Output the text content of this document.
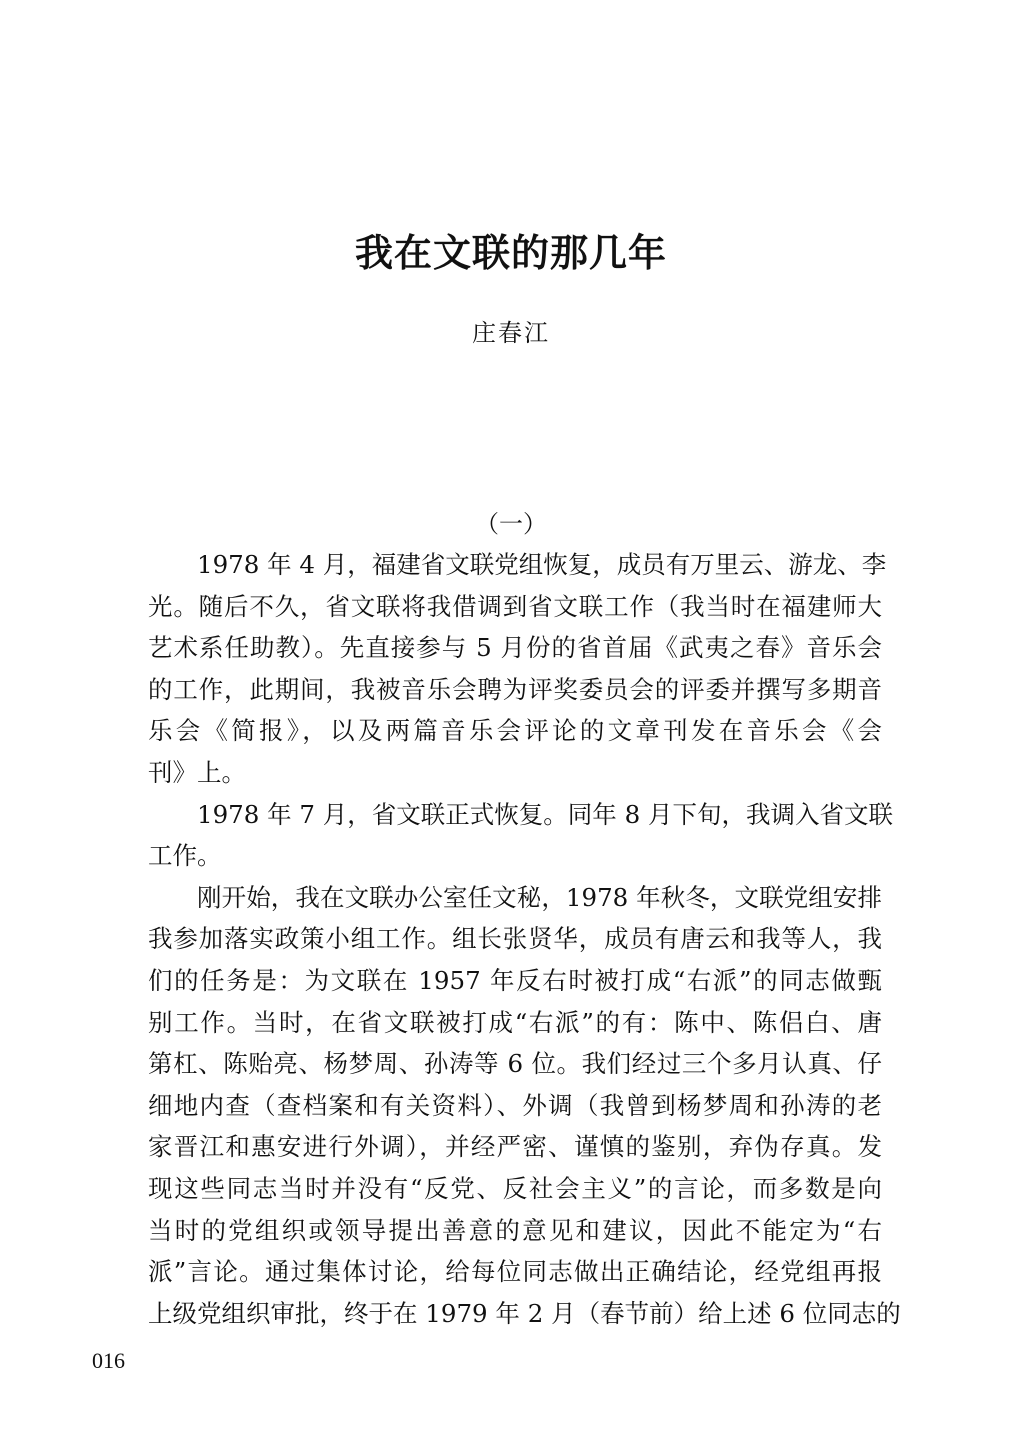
我在文联的那几年
庄春江
（一）
1978 年 4 月，福建省文联党组恢复，成员有万里云、游龙、李
光。随后不久，省文联将我借调到省文联工作（我当时在福建师大
艺术系任助教）。先直接参与 5 月份的省首届《武夷之春》音乐会
的工作，此期间，我被音乐会聘为评奖委员会的评委并撰写多期音
乐会《简报》，以及两篇音乐会评论的文章刊发在音乐会《会
刊》上。
1978 年 7 月，省文联正式恢复。同年 8 月下旬，我调入省文联
工作。
刚开始，我在文联办公室任文秘，1978 年秋冬，文联党组安排
我参加落实政策小组工作。组长张贤华，成员有唐云和我等人，我
们的任务是：为文联在 1957 年反右时被打成“右派”的同志做甄
别工作。当时，在省文联被打成“右派”的有：陈中、陈侣白、唐
第杠、陈贻亮、杨梦周、孙涛等 6 位。我们经过三个多月认真、仔
细地内查（查档案和有关资料）、外调（我曾到杨梦周和孙涛的老
家晋江和惠安进行外调），并经严密、谨慎的鉴别，弃伪存真。发
现这些同志当时并没有“反党、反社会主义”的言论，而多数是向
当时的党组织或领导提出善意的意见和建议，因此不能定为“右
派”言论。通过集体讨论，给每位同志做出正确结论，经党组再报
上级党组织审批，终于在 1979 年 2 月（春节前）给上述 6 位同志的
016
